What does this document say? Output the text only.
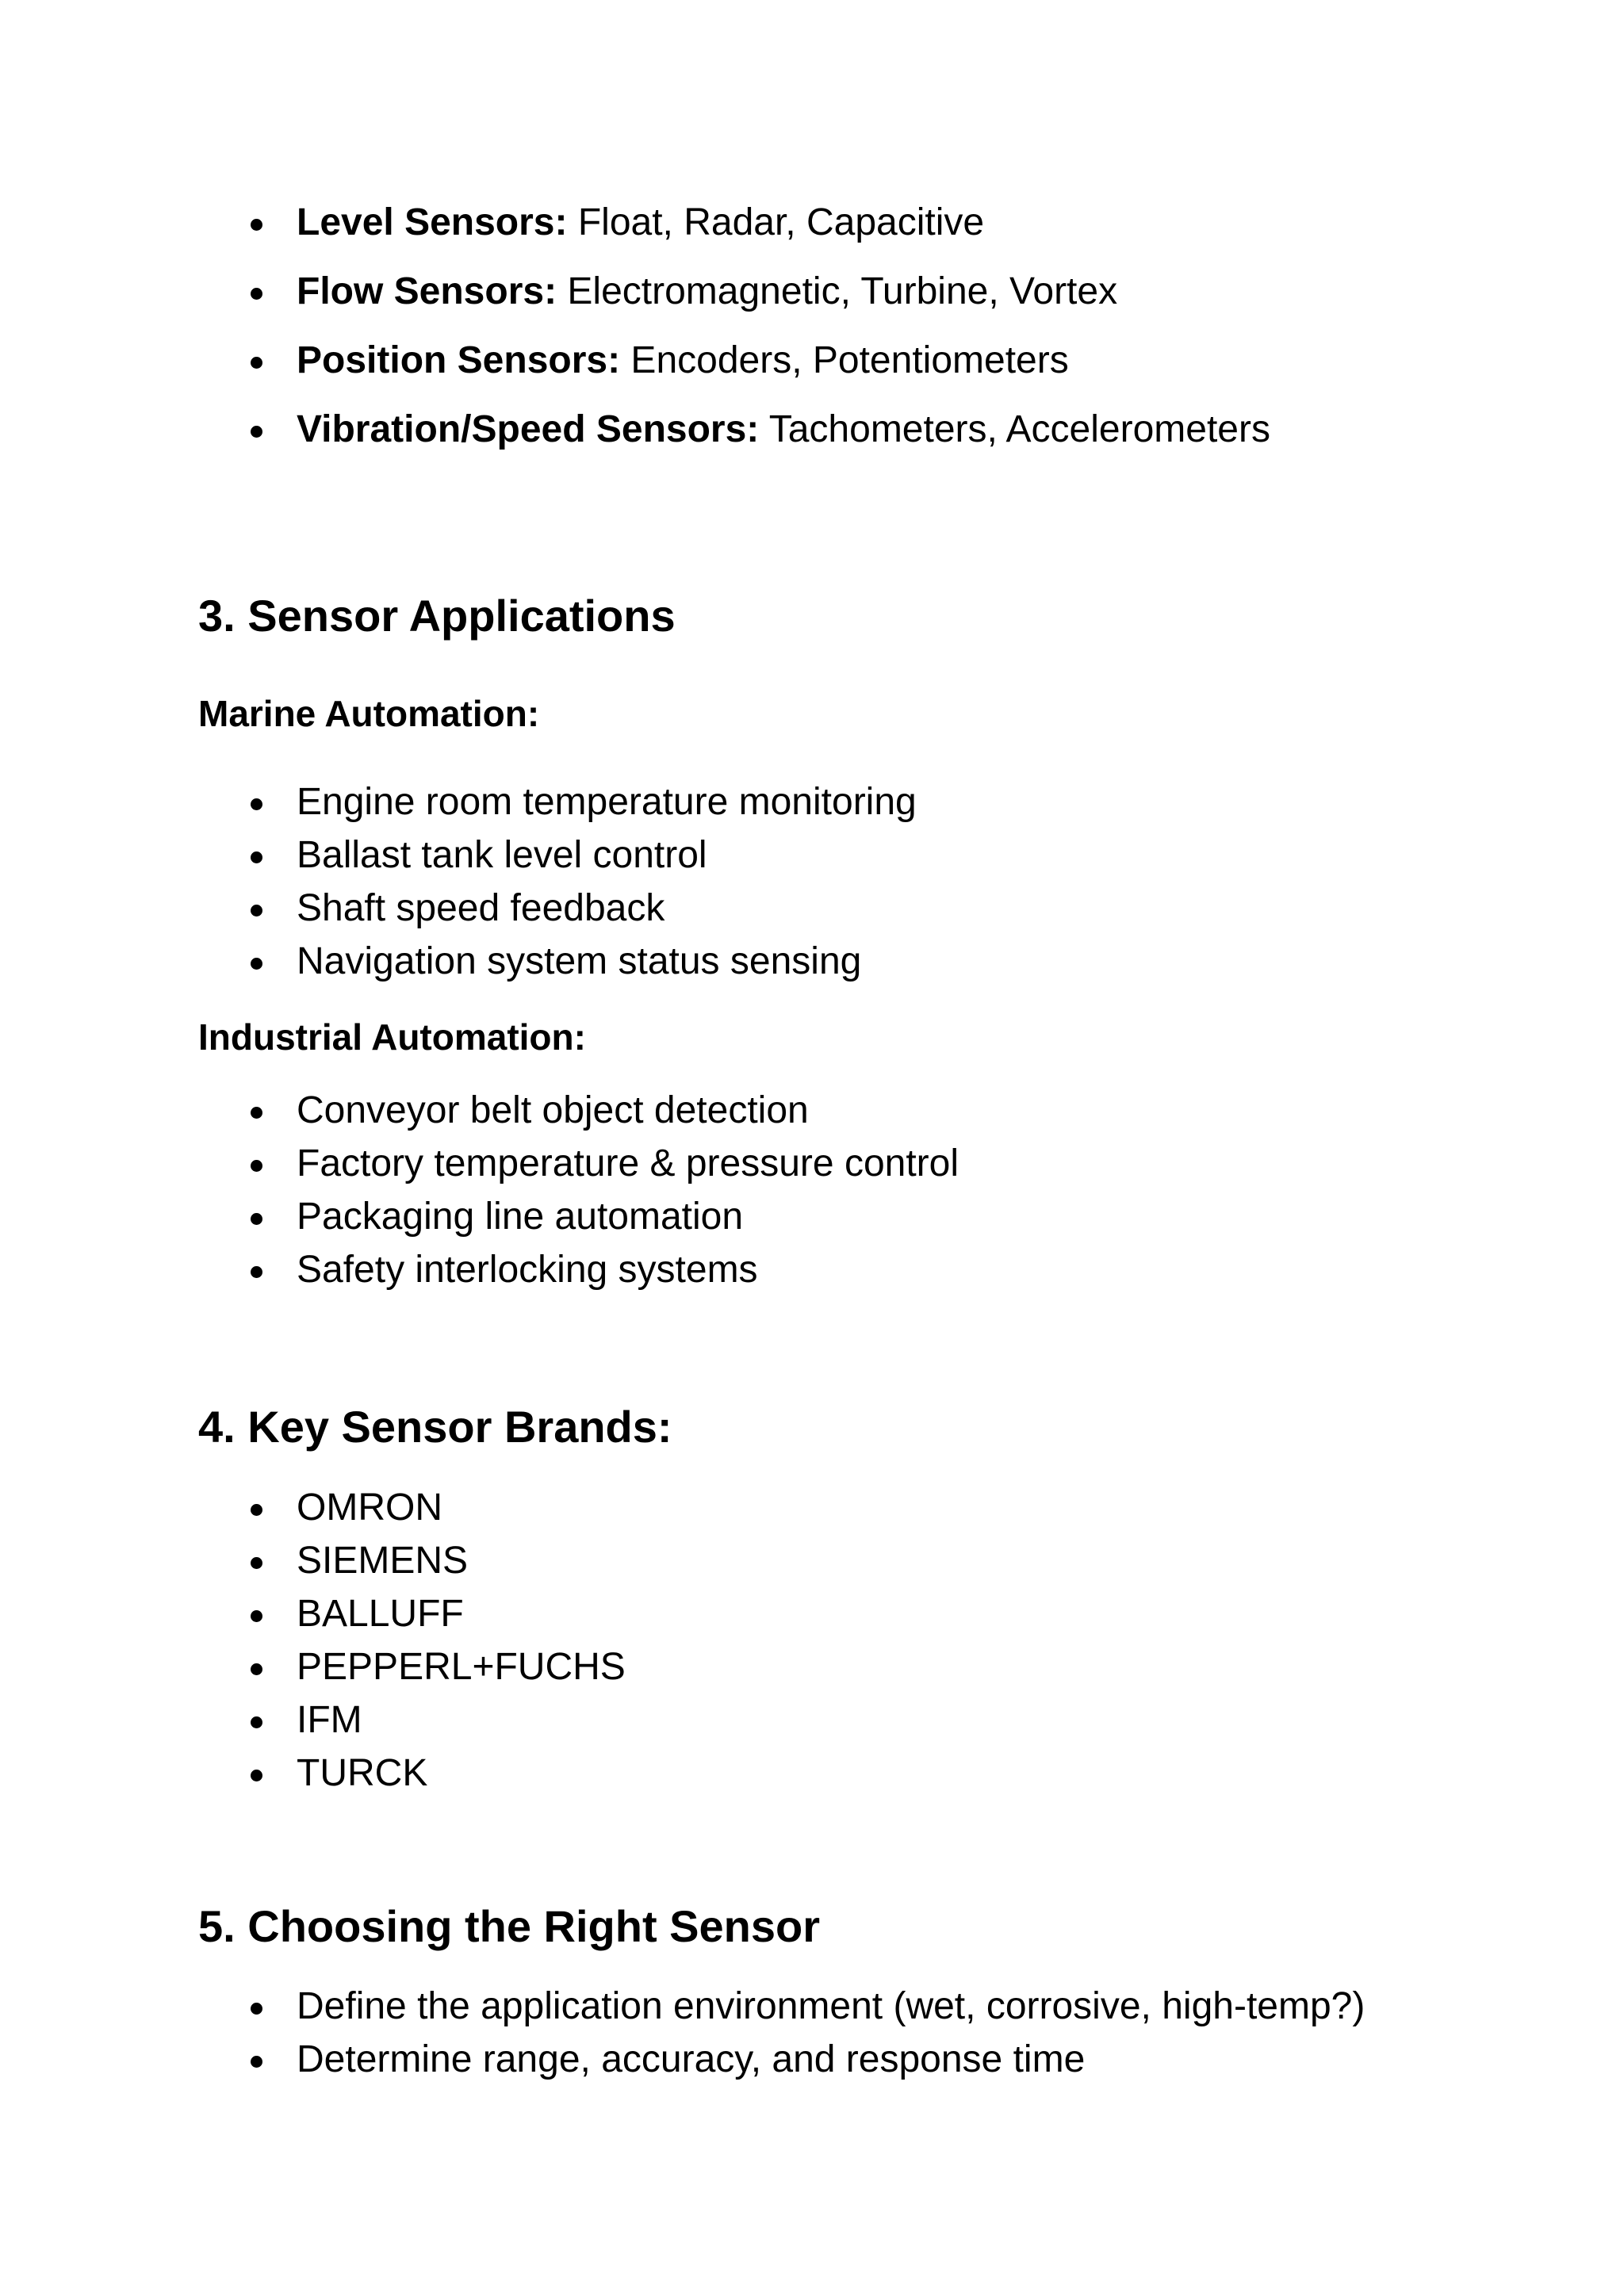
Level Sensors: Float, Radar, Capacitive
Flow Sensors: Electromagnetic, Turbine, Vortex
Position Sensors: Encoders, Potentiometers
Vibration/Speed Sensors: Tachometers, Accelerometers
3. Sensor Applications
Marine Automation:
Engine room temperature monitoring
Ballast tank level control
Shaft speed feedback
Navigation system status sensing
Industrial Automation:
Conveyor belt object detection
Factory temperature & pressure control
Packaging line automation
Safety interlocking systems
4. Key Sensor Brands:
OMRON
SIEMENS
BALLUFF
PEPPERL+FUCHS
IFM
TURCK
5. Choosing the Right Sensor
Define the application environment (wet, corrosive, high-temp?)
Determine range, accuracy, and response time
